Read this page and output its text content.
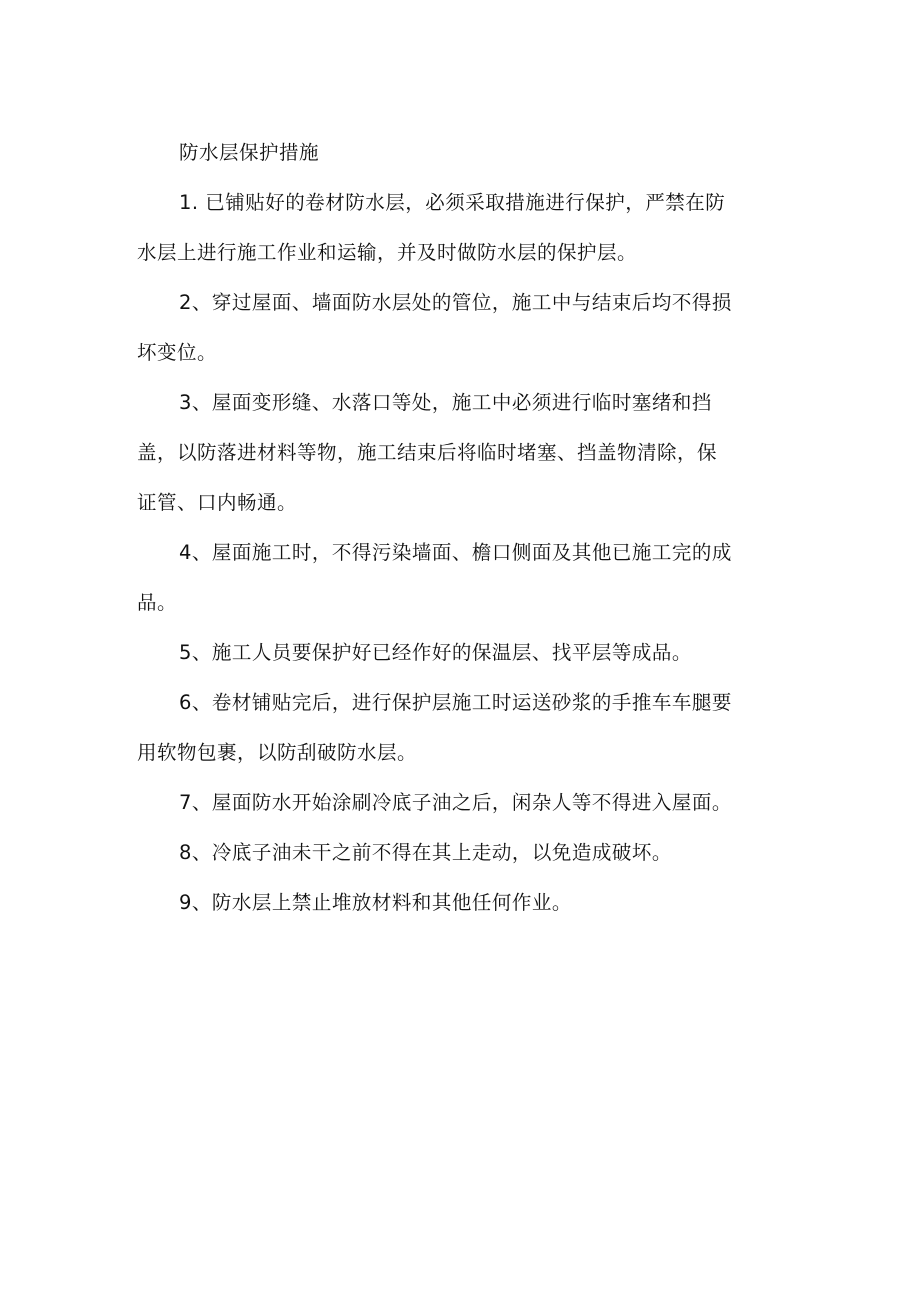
防水层保护措施

1. 已铺贴好的卷材防水层，必须采取措施进行保护，严禁在防
水层上进行施工作业和运输，并及时做防水层的保护层。

2、穿过屋面、墙面防水层处的管位，施工中与结束后均不得损
坏变位。

3、屋面变形缝、水落口等处，施工中必须进行临时塞绪和挡
盖，以防落进材料等物，施工结束后将临时堵塞、挡盖物清除，保
证管、口内畅通。

4、屋面施工时，不得污染墙面、檐口侧面及其他已施工完的成
品。

5、施工人员要保护好已经作好的保温层、找平层等成品。

6、卷材铺贴完后，进行保护层施工时运送砂浆的手推车车腿要
用软物包裹，以防刮破防水层。

7、屋面防水开始涂刷冷底子油之后，闲杂人等不得进入屋面。

8、冷底子油未干之前不得在其上走动，以免造成破坏。

9、防水层上禁止堆放材料和其他任何作业。
